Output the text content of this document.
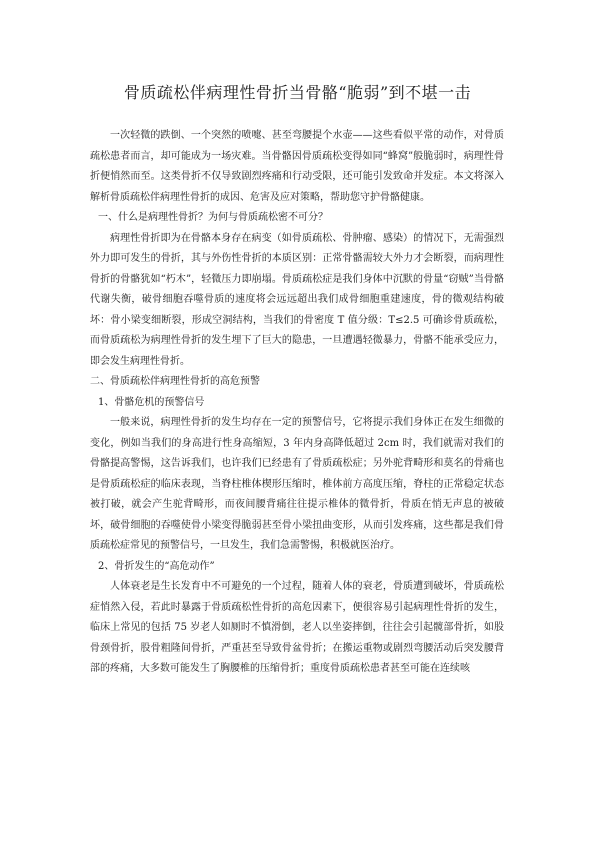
骨质疏松伴病理性骨折当骨骼“脆弱”到不堪一击

一次轻微的跌倒、一个突然的喷嚏、甚至弯腰提个水壶——这些看似平常的动作，对骨质疏松患者而言，却可能成为一场灾难。当骨骼因骨质疏松变得如同“蜂窝”般脆弱时，病理性骨折便悄然而至。这类骨折不仅导致剧烈疼痛和行动受限，还可能引发致命并发症。本文将深入解析骨质疏松伴病理性骨折的成因、危害及应对策略，帮助您守护骨骼健康。

一、什么是病理性骨折？为何与骨质疏松密不可分？

病理性骨折即为在骨骼本身存在病变（如骨质疏松、骨肿瘤、感染）的情况下，无需强烈外力即可发生的骨折，其与外伤性骨折的本质区别：正常骨骼需较大外力才会断裂，而病理性骨折的骨骼犹如“朽木”，轻微压力即崩塌。骨质疏松症是我们身体中沉默的骨量“窃贼”当骨骼代谢失衡，破骨细胞吞噬骨质的速度将会远远超出我们成骨细胞重建速度，骨的微观结构破坏：骨小梁变细断裂，形成空洞结构，当我们的骨密度 T 值分级：T≤2.5 可确诊骨质疏松，而骨质疏松为病理性骨折的发生埋下了巨大的隐患，一旦遭遇轻微暴力，骨骼不能承受应力，即会发生病理性骨折。

二、骨质疏松伴病理性骨折的高危预警

1、骨骼危机的预警信号

一般来说，病理性骨折的发生均存在一定的预警信号，它将提示我们身体正在发生细微的变化，例如当我们的身高进行性身高缩短，3 年内身高降低超过 2cm 时，我们就需对我们的骨骼提高警惕，这告诉我们，也许我们已经患有了骨质疏松症；另外驼背畸形和莫名的骨痛也是骨质疏松症的临床表现，当脊柱椎体楔形压缩时，椎体前方高度压缩，脊柱的正常稳定状态被打破，就会产生驼背畸形，而夜间腰背痛往往提示椎体的微骨折，骨质在悄无声息的被破坏，破骨细胞的吞噬使骨小梁变得脆弱甚至骨小梁扭曲变形，从而引发疼痛，这些都是我们骨质疏松症常见的预警信号，一旦发生，我们急需警惕，积极就医治疗。

2、骨折发生的“高危动作”

人体衰老是生长发育中不可避免的一个过程，随着人体的衰老，骨质遭到破坏，骨质疏松症悄然入侵，若此时暴露于骨质疏松性骨折的高危因素下，便很容易引起病理性骨折的发生，临床上常见的包括 75 岁老人如厕时不慎滑倒，老人以坐姿摔倒，往往会引起髋部骨折，如股骨颈骨折，股骨粗隆间骨折，严重甚至导致骨盆骨折；在搬运重物或剧烈弯腰活动后突发腰背部的疼痛，大多数可能发生了胸腰椎的压缩骨折；重度骨质疏松患者甚至可能在连续咳
